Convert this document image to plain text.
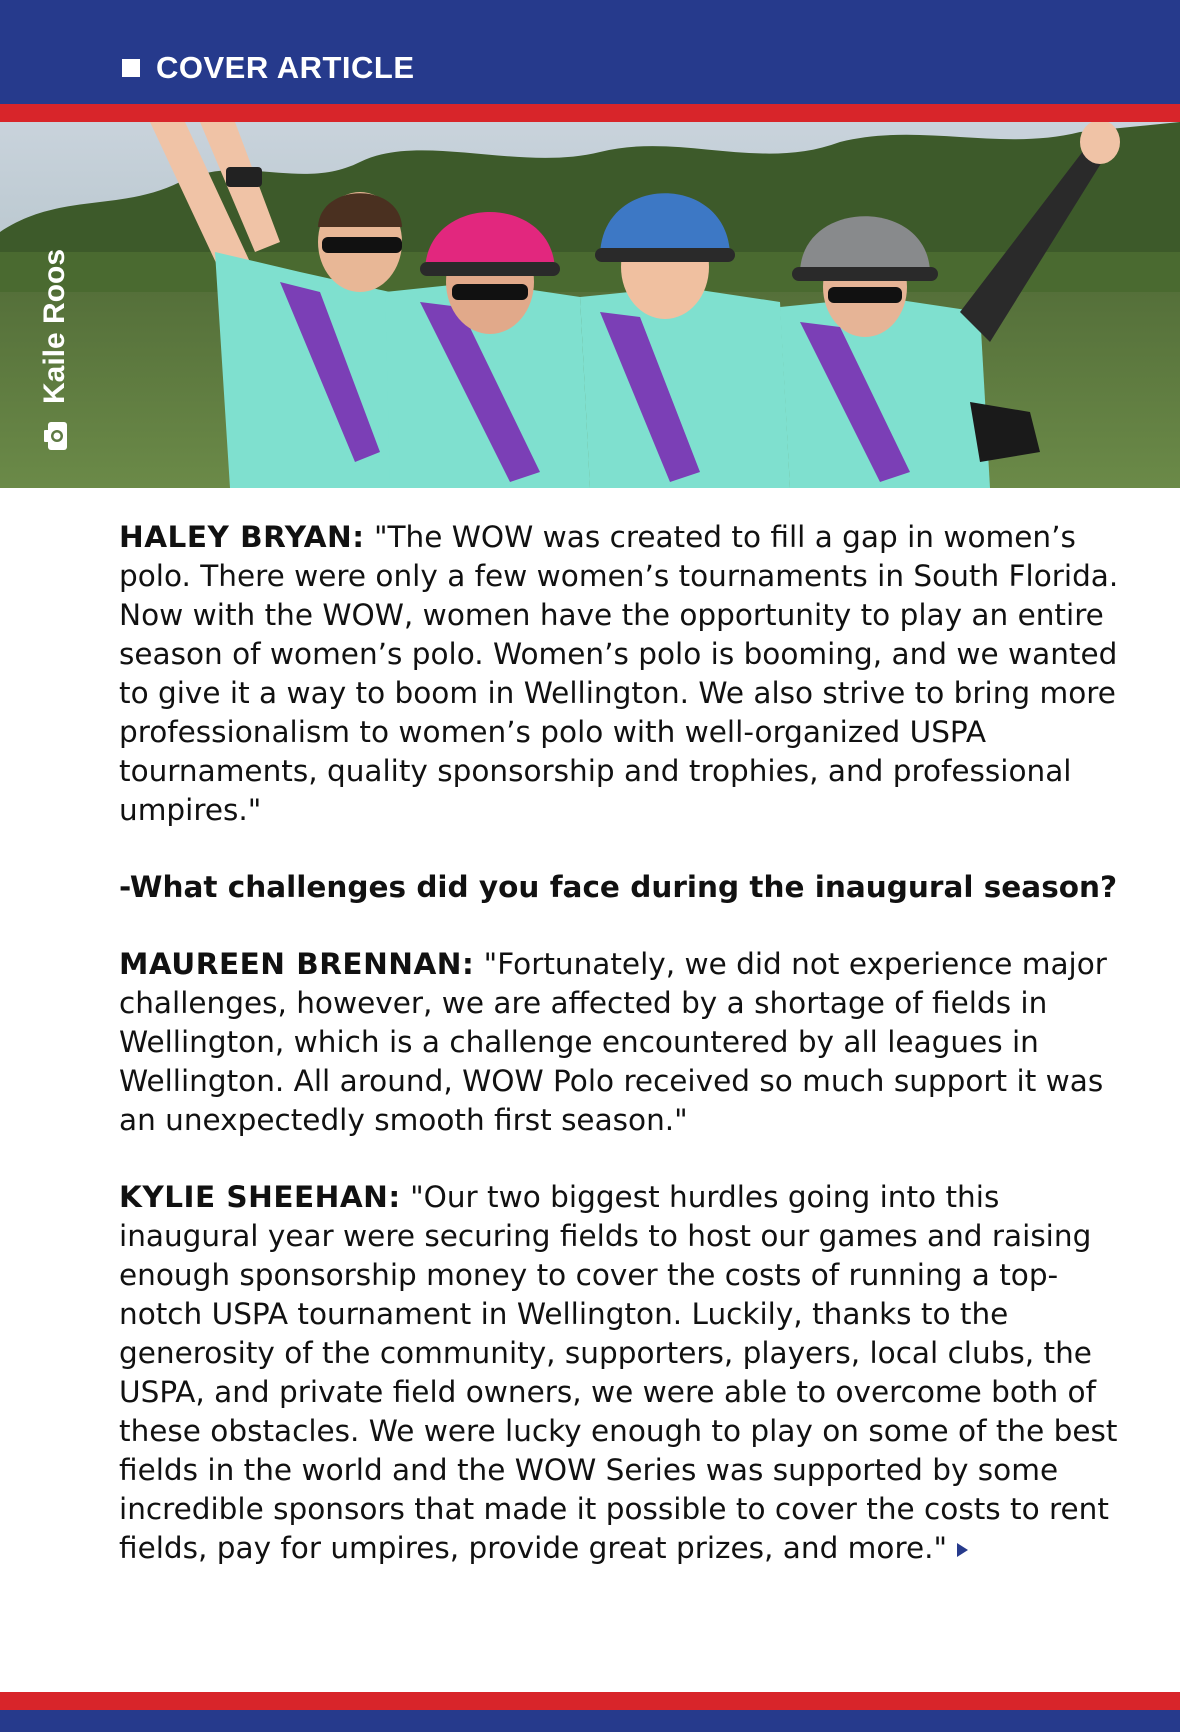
COVER ARTICLE
Kaile Roos

HALEY BRYAN: "The WOW was created to fill a gap in women’s polo. There were only a few women’s tournaments in South Florida. Now with the WOW, women have the opportunity to play an entire season of women’s polo. Women’s polo is booming, and we wanted to give it a way to boom in Wellington. We also strive to bring more professionalism to women’s polo with well-organized USPA tournaments, quality sponsorship and trophies, and professional umpires."

-What challenges did you face during the inaugural season?

MAUREEN BRENNAN: "Fortunately, we did not experience major challenges, however, we are affected by a shortage of fields in Wellington, which is a challenge encountered by all leagues in Wellington. All around, WOW Polo received so much support it was an unexpectedly smooth first season."

KYLIE SHEEHAN: "Our two biggest hurdles going into this inaugural year were securing fields to host our games and raising enough sponsorship money to cover the costs of running a top-notch USPA tournament in Wellington. Luckily, thanks to the generosity of the community, supporters, players, local clubs, the USPA, and private field owners, we were able to overcome both of these obstacles. We were lucky enough to play on some of the best fields in the world and the WOW Series was supported by some incredible sponsors that made it possible to cover the costs to rent fields, pay for umpires, provide great prizes, and more."
